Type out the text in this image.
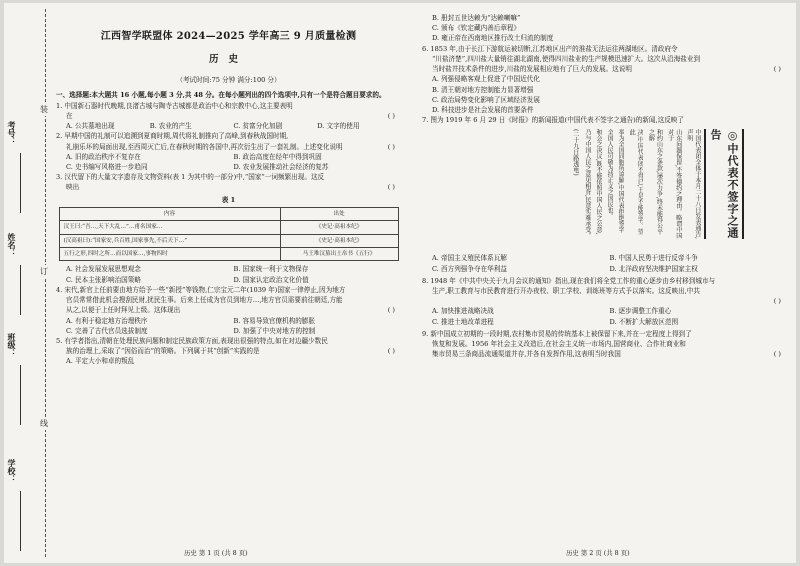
考号：
姓名：
班级：
学校：
装
订
线
江西智学联盟体 2024—2025 学年高三 9 月质量检测
历史
（考试时间:75 分钟 满分:100 分）
一、选择题:本大题共 16 小题,每小题 3 分,共 48 分。在每小题列出的四个选项中,只有一个是符合题目要求的。
1. 中国新石器时代晚期,良渚古城与陶寺古城都是政治中心和宗教中心,这主要表明
在	( )
A. 公共墓地出现	B. 农业的产生	C. 贫富分化加剧	D. 文字的使用
2. 早期中国的礼制可以追溯到夏商时期,周代将礼制推向了高峰,到春秋战国时期,
礼崩乐坏的局面出现,至西周灭亡后,在春秋时期的各国中,再次衍生出了一套礼制。上述变化说明	( )
A. 旧的政治秩序不复存在	B. 政治高度在经年中得到巩固
C. 史书编写风格进一步趋同	D. 农业发展推动社会经济的复苏
3. 汉代留下的大量文字遗存及文物资料(表 1 为其中的一部分)中,“国家”一词频繁出现。这反
映出	( )
表 1
内容	出处
汉王曰:“吾…,天下大乱…”…甫名国家…	《史记·高祖本纪》
(汉高祖曰):“国家安,兵百姓,国家事先,不后天下…”	《史记·高祖本纪》
五行之形,四时之所…而以国家…,事物四时	马王堆汉墓出土帛书《五行》
A. 社会发展发展思想观念	B. 国家统一利于文物保存
C. 民本主张影响治国策略	D. 国家认定政治文化价值
4. 宋代,新官上任前要由地方给予一些“新授”等钱物,仁宗宝元二年(1039 年)国家一律停止,因为地方
官员常常借此机会搜刮民财,扰民生事。后来上任成为官员到地方…,地方官员需要前往朝廷,方能
从之,以便于上任时拜见上级。这体现出	( )
A. 有利于稳定地方治理秩序	B. 容易导致官僚机构的膨胀
C. 完善了古代官员选拔制度	D. 加强了中央对地方的控制
5. 有学者指出,清朝在处理民族问题和制定民族政策方面,表现出很强的特点,如在对边疆少数民
族的治理上,采取了“因俗而治”的策略。下列属于其“创新”实践的是	( )
A. 平定大小和卓的叛乱
历史 第 1 页 (共 8 页)
B. 册封五世达赖为“达赖喇嘛”
C. 颁布《钦定藏内善后章程》
D. 雍正帝在西南地区推行改土归流的制度
6. 1853 年,由于长江下游航运被切断,江苏地区出产的淮盐无法运往两湖地区。清政府令
“川盐济楚”,四川盐大量销往湖北湖南,使得四川盐业的生产规模迅速扩大。这次从沿海盐业到
当时盐井技术条件的进步,川盐的发展相应地有了巨大的发展。这说明	( )
A. 列强侵略客观上促进了中国近代化
B. 清王朝对地方控制能力显著增强
C. 政治局势变化影响了区域经济发展
D. 科技进步是社会发展的首要条件
7. 图为 1919 年 6 月 29 日《时报》的新闻报道(中国代表不签字之通告)的新闻,这反映了
◎中代表不签字之通告
中国代表团全体于本月二十八日发表通告,声明
山东问题保留,不签德约之理由。略谓中国对于
和约山东之条款,屡次力争,终未能得公平之解
决,中国代表团不得已,于是不能签字。望此
举为全国同胞所谅解,中国代表拒绝签字
全国人民可敬为持正义之国民也。
和会之决议,既不能依照中国人民之公意,
乃与中国人民之意见相背,民意实难承受。
(二十九日路透电)
A. 帝国主义殖民体系瓦解	B. 中国人民勇于进行反帝斗争
C. 西方列强争夺在华利益	D. 北洋政府坚决维护国家主权
8. 1948 年《中共中央关于九月会议的通知》指出,现在我们将全党工作的重心逐步由乡村移到城市与
生产,职工教育与市民教育进行开办夜校、职工学校、训练班等方式予以落实。这反映出,中共
( )
A. 加快推进战略决战	B. 逐步调整工作重心
C. 推进土地改革进程	D. 不断扩大解放区范围
9. 新中国成立初期的一段时期,农村集市贸易的传统基本上被保留下来,并在一定程度上得到了
恢复和发展。1956 年社会主义改造后,在社会主义统一市场内,国营商业、合作社商业和
集市贸易三条商品流通渠道并存,并各自发挥作用,这表明当时我国	( )
历史 第 2 页 (共 8 页)
